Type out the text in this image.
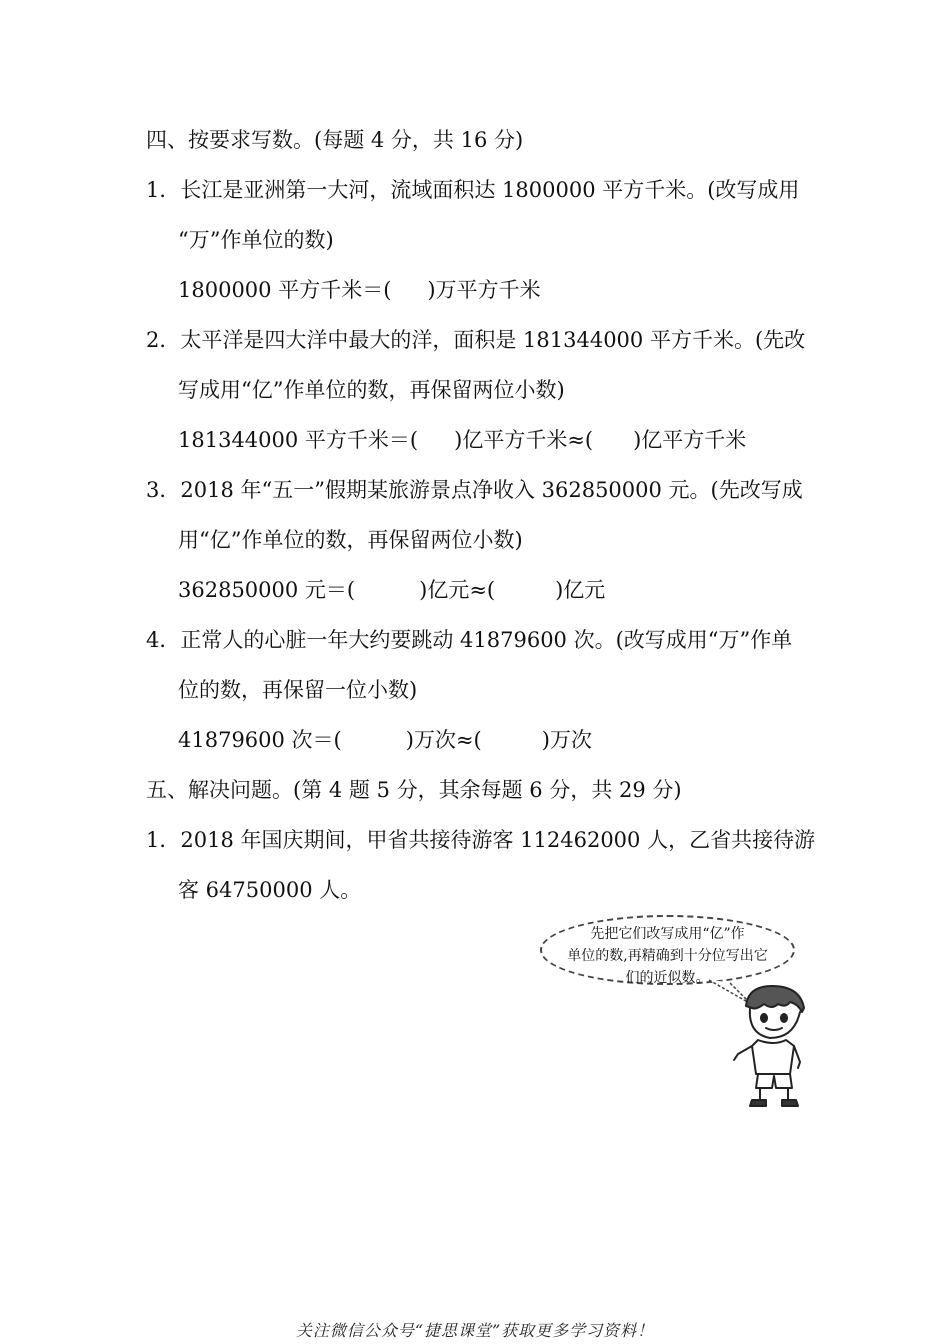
四、按要求写数。(每题 4 分，共 16 分)
1．长江是亚洲第一大河，流域面积达 1800000 平方千米。(改写成用
“万”作单位的数)
1800000 平方千米＝( )万平方千米
2．太平洋是四大洋中最大的洋，面积是 181344000 平方千米。(先改
写成用“亿”作单位的数，再保留两位小数)
181344000 平方千米＝( )亿平方千米≈( )亿平方千米
3．2018 年“五一”假期某旅游景点净收入 362850000 元。(先改写成
用“亿”作单位的数，再保留两位小数)
362850000 元＝(	)亿元≈(	)亿元
4．正常人的心脏一年大约要跳动 41879600 次。(改写成用“万”作单
位的数，再保留一位小数)
41879600 次＝(	)万次≈(	)万次
五、解决问题。(第 4 题 5 分，其余每题 6 分，共 29 分)
1．2018 年国庆期间，甲省共接待游客 112462000 人，乙省共接待游
客 64750000 人。
先把它们改写成用“亿”作
单位的数,再精确到十分位写出它
们的近似数。
关注微信公众号“捷思课堂”获取更多学习资料！
